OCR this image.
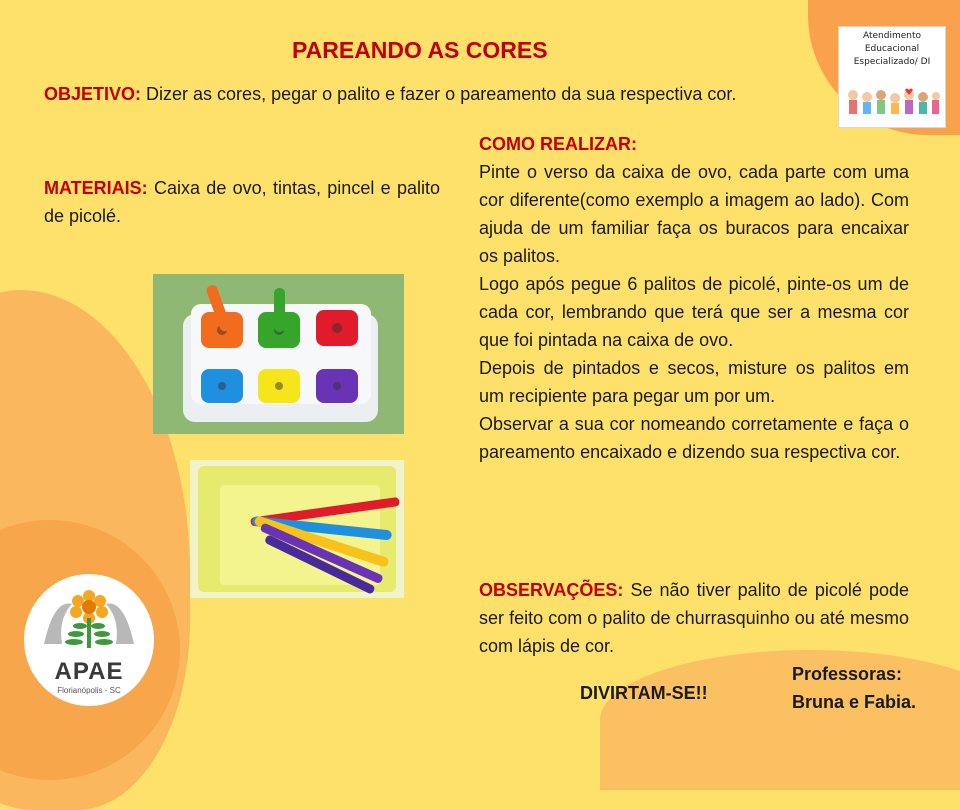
PAREANDO AS CORES

OBJETIVO: Dizer as cores, pegar o palito e fazer o pareamento da sua respectiva cor.

MATERIAIS: Caixa de ovo, tintas, pincel e palito de picolé.

COMO REALIZAR:

Pinte o verso da caixa de ovo, cada parte com uma cor diferente(como exemplo a imagem ao lado). Com ajuda de um familiar faça os buracos para encaixar os palitos.

Logo após pegue 6 palitos de picolé, pinte-os um de cada cor, lembrando que terá que ser a mesma cor que foi pintada na caixa de ovo.

Depois de pintados e secos, misture os palitos em um recipiente para pegar um por um.

Observar a sua cor nomeando corretamente e faça o pareamento encaixado e dizendo sua respectiva cor.

OBSERVAÇÕES: Se não tiver palito de picolé pode ser feito com o palito de churrasquinho ou até mesmo com lápis de cor.

DIVIRTAM-SE!!
Professoras:
Bruna e Fabia.
Atendimento
Educacional
Especializado/ DI
APAE
Florianópolis - SC
